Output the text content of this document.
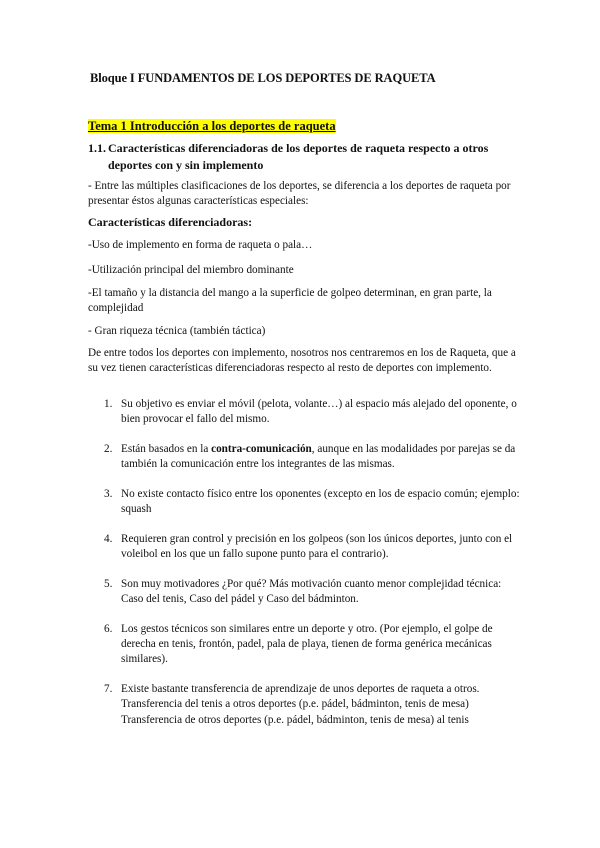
Bloque I FUNDAMENTOS DE LOS DEPORTES DE RAQUETA

Tema 1 Introducción a los deportes de raqueta

1.1. Características diferenciadoras de los deportes de raqueta respecto a otros deportes con y sin implemento

- Entre las múltiples clasificaciones de los deportes, se diferencia a los deportes de raqueta por presentar éstos algunas características especiales:

Características diferenciadoras:

-Uso de implemento en forma de raqueta o pala…

-Utilización principal del miembro dominante

-El tamaño y la distancia del mango a la superficie de golpeo determinan, en gran parte, la complejidad

- Gran riqueza técnica (también táctica)

De entre todos los deportes con implemento, nosotros nos centraremos en los de Raqueta, que a su vez tienen características diferenciadoras respecto al resto de deportes con implemento.

1. Su objetivo es enviar el móvil (pelota, volante…) al espacio más alejado del oponente, o bien provocar el fallo del mismo.
2. Están basados en la contra-comunicación, aunque en las modalidades por parejas se da también la comunicación entre los integrantes de las mismas.
3. No existe contacto físico entre los oponentes (excepto en los de espacio común; ejemplo: squash
4. Requieren gran control y precisión en los golpeos (son los únicos deportes, junto con el voleibol en los que un fallo supone punto para el contrario).
5. Son muy motivadores ¿Por qué? Más motivación cuanto menor complejidad técnica: Caso del tenis, Caso del pádel y Caso del bádminton.
6. Los gestos técnicos son similares entre un deporte y otro. (Por ejemplo, el golpe de derecha en tenis, frontón, padel, pala de playa, tienen de forma genérica mecánicas similares).
7. Existe bastante transferencia de aprendizaje de unos deportes de raqueta a otros. Transferencia del tenis a otros deportes (p.e. pádel, bádminton, tenis de mesa) Transferencia de otros deportes (p.e. pádel, bádminton, tenis de mesa) al tenis
